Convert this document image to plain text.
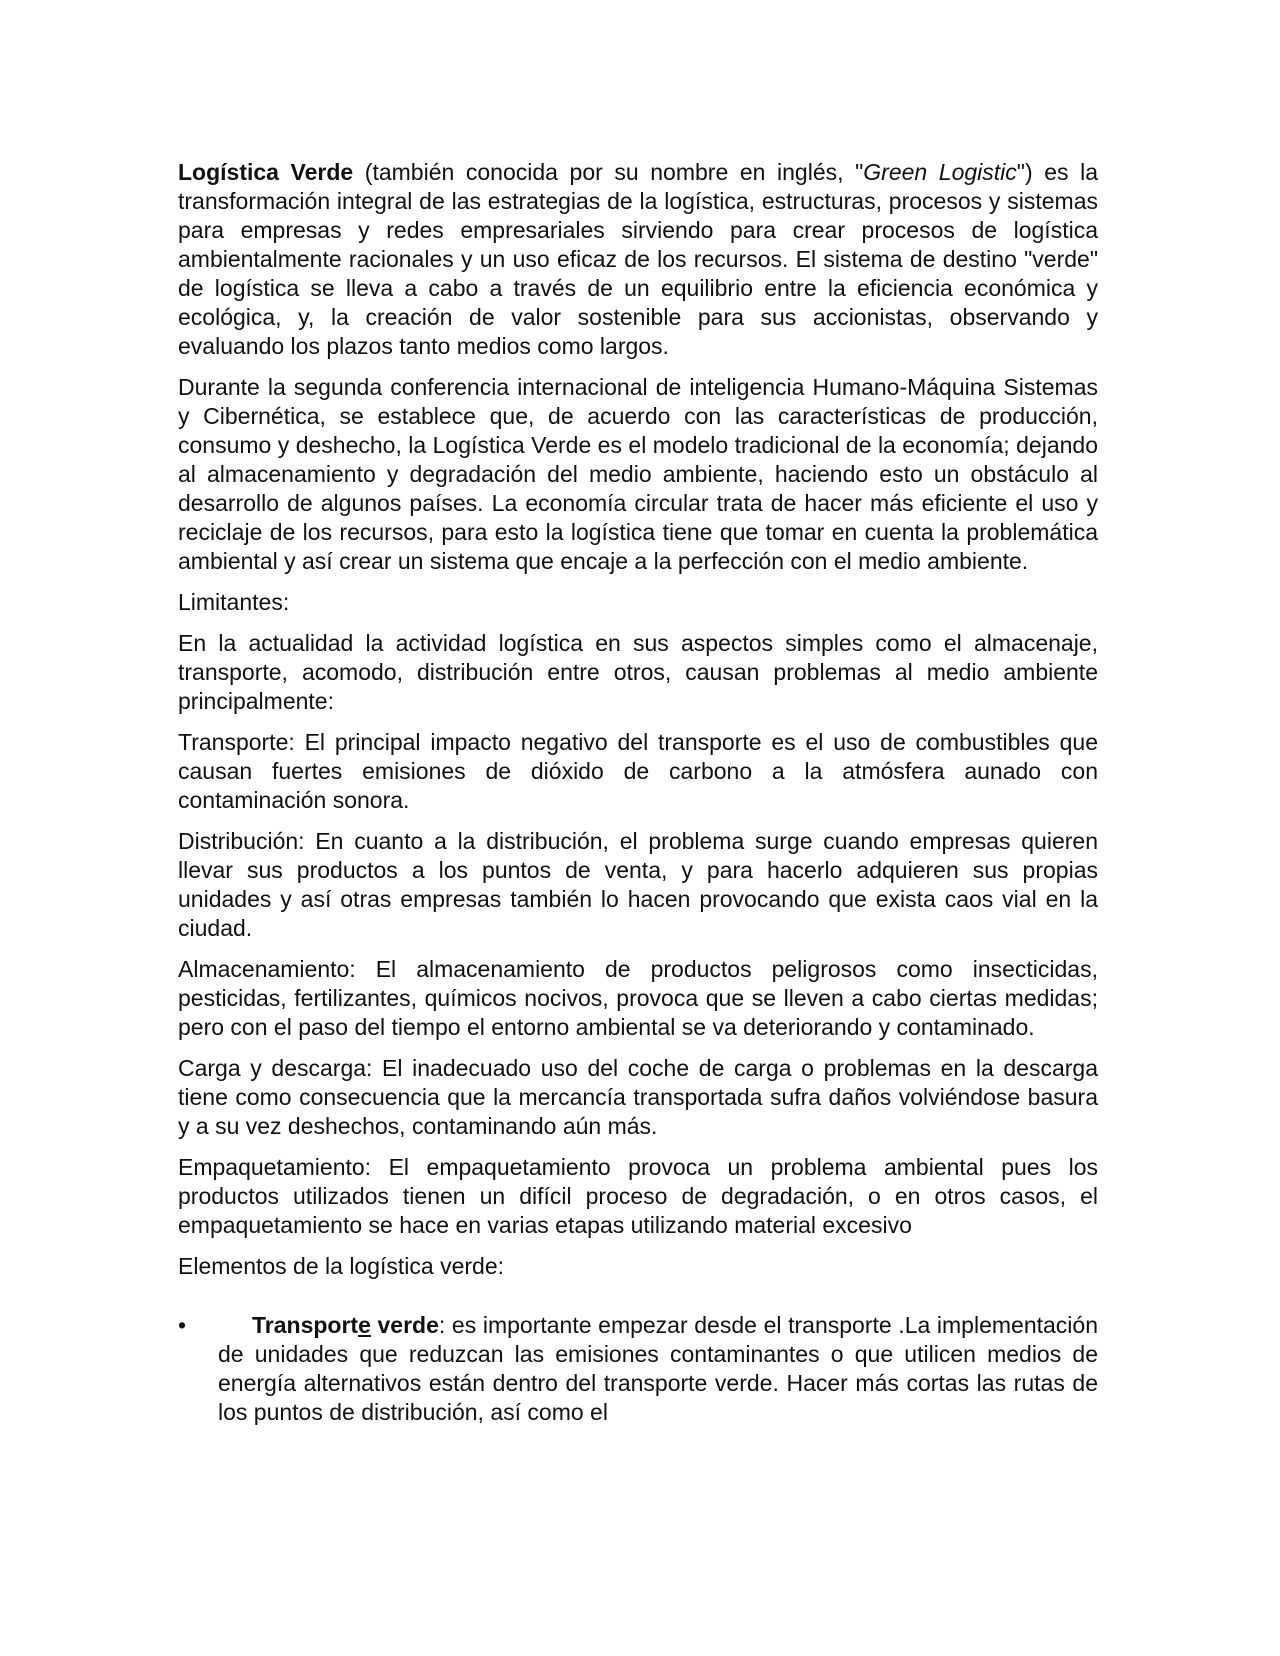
Logística Verde (también conocida por su nombre en inglés, "Green Logistic") es la transformación integral de las estrategias de la logística, estructuras, procesos y sistemas para empresas y redes empresariales sirviendo para crear procesos de logística ambientalmente racionales y un uso eficaz de los recursos. El sistema de destino "verde" de logística se lleva a cabo a través de un equilibrio entre la eficiencia económica y ecológica, y, la creación de valor sostenible para sus accionistas, observando y evaluando los plazos tanto medios como largos.

Durante la segunda conferencia internacional de inteligencia Humano-Máquina Sistemas y Cibernética, se establece que, de acuerdo con las características de producción, consumo y deshecho, la Logística Verde es el modelo tradicional de la economía; dejando al almacenamiento y degradación del medio ambiente, haciendo esto un obstáculo al desarrollo de algunos países. La economía circular trata de hacer más eficiente el uso y reciclaje de los recursos, para esto la logística tiene que tomar en cuenta la problemática ambiental y así crear un sistema que encaje a la perfección con el medio ambiente.

Limitantes:

En la actualidad la actividad logística en sus aspectos simples como el almacenaje, transporte, acomodo, distribución entre otros, causan problemas al medio ambiente principalmente:

Transporte: El principal impacto negativo del transporte es el uso de combustibles que causan fuertes emisiones de dióxido de carbono a la atmósfera aunado con contaminación sonora.

Distribución: En cuanto a la distribución, el problema surge cuando empresas quieren llevar sus productos a los puntos de venta, y para hacerlo adquieren sus propias unidades y así otras empresas también lo hacen provocando que exista caos vial en la ciudad.

Almacenamiento: El almacenamiento de productos peligrosos como insecticidas, pesticidas, fertilizantes, químicos nocivos, provoca que se lleven a cabo ciertas medidas; pero con el paso del tiempo el entorno ambiental se va deteriorando y contaminado.

Carga y descarga: El inadecuado uso del coche de carga o problemas en la descarga tiene como consecuencia que la mercancía transportada sufra daños volviéndose basura y a su vez deshechos, contaminando aún más.

Empaquetamiento: El empaquetamiento provoca un problema ambiental pues los productos utilizados tienen un difícil proceso de degradación, o en otros casos, el empaquetamiento se hace en varias etapas utilizando material excesivo

Elementos de la logística verde:

•	Transporte verde: es importante empezar desde el transporte .La implementación de unidades que reduzcan las emisiones contaminantes o que utilicen medios de energía alternativos están dentro del transporte verde. Hacer más cortas las rutas de los puntos de distribución, así como el
